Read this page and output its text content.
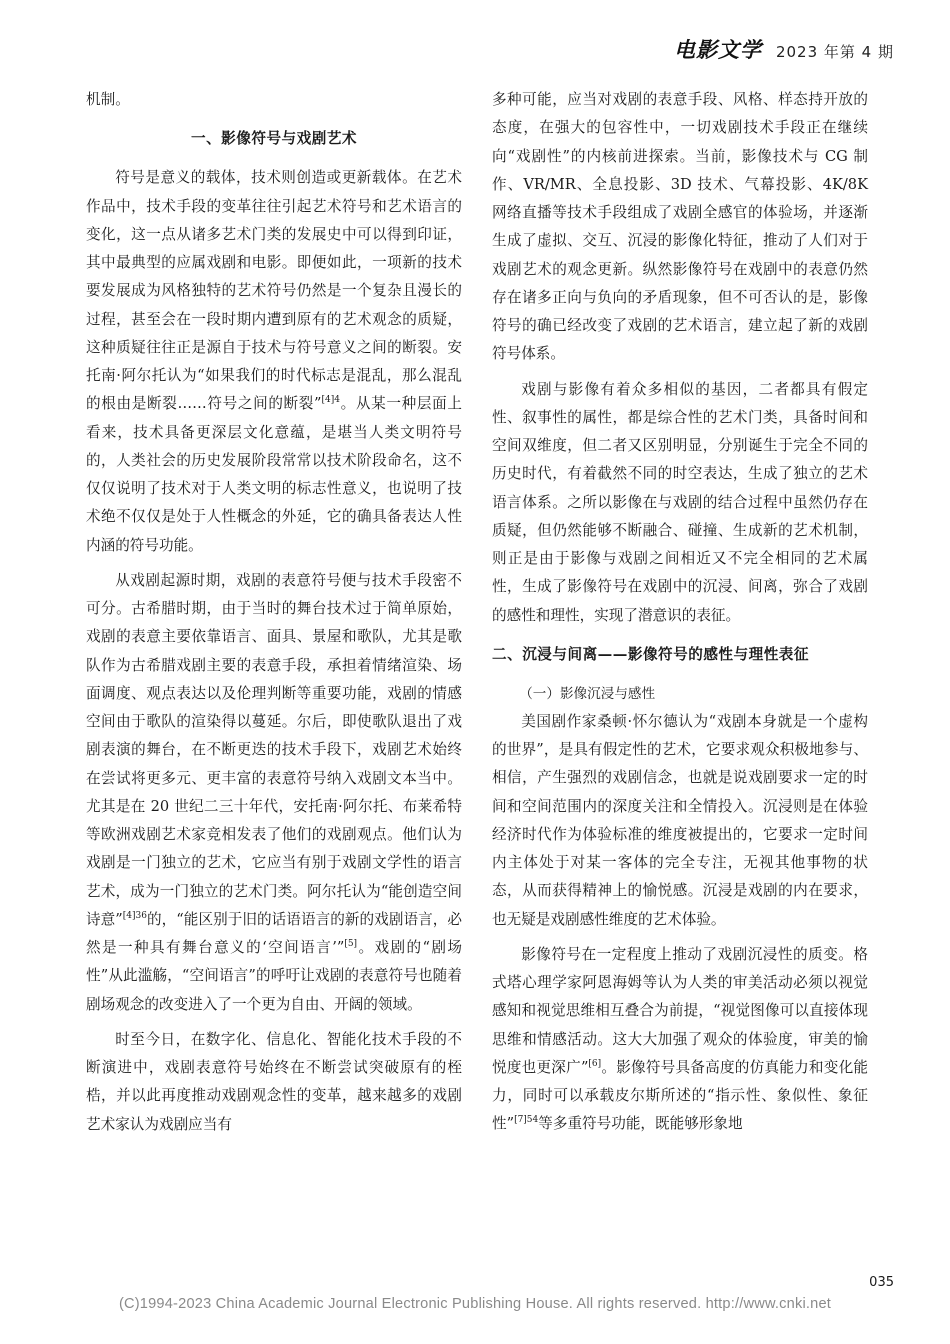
电影文学 2023 年第 4 期

机制。

一、影像符号与戏剧艺术

符号是意义的载体，技术则创造或更新载体。在艺术作品中，技术手段的变革往往引起艺术符号和艺术语言的变化，这一点从诸多艺术门类的发展史中可以得到印证，其中最典型的应属戏剧和电影。即便如此，一项新的技术要发展成为风格独特的艺术符号仍然是一个复杂且漫长的过程，甚至会在一段时期内遭到原有的艺术观念的质疑，这种质疑往往正是源自于技术与符号意义之间的断裂。安托南·阿尔托认为“如果我们的时代标志是混乱，那么混乱的根由是断裂……符号之间的断裂”$^{[4]4}$。从某一种层面上看来，技术具备更深层文化意蕴，是堪当人类文明符号的，人类社会的历史发展阶段常常以技术阶段命名，这不仅仅说明了技术对于人类文明的标志性意义，也说明了技术绝不仅仅是处于人性概念的外延，它的确具备表达人性内涵的符号功能。

从戏剧起源时期，戏剧的表意符号便与技术手段密不可分。古希腊时期，由于当时的舞台技术过于简单原始，戏剧的表意主要依靠语言、面具、景屋和歌队，尤其是歌队作为古希腊戏剧主要的表意手段，承担着情绪渲染、场面调度、观点表达以及伦理判断等重要功能，戏剧的情感空间由于歌队的渲染得以蔓延。尔后，即使歌队退出了戏剧表演的舞台，在不断更迭的技术手段下，戏剧艺术始终在尝试将更多元、更丰富的表意符号纳入戏剧文本当中。尤其是在 20 世纪二三十年代，安托南·阿尔托、布莱希特等欧洲戏剧艺术家竞相发表了他们的戏剧观点。他们认为戏剧是一门独立的艺术，它应当有别于戏剧文学性的语言艺术，成为一门独立的艺术门类。阿尔托认为“能创造空间诗意”$^{[4]36}$的，“能区别于旧的话语语言的新的戏剧语言，必然是一种具有舞台意义的‘空间语言’”[5]。戏剧的“剧场性”从此滥觞，“空间语言”的呼吁让戏剧的表意符号也随着剧场观念的改变进入了一个更为自由、开阔的领域。

时至今日，在数字化、信息化、智能化技术手段的不断演进中，戏剧表意符号始终在不断尝试突破原有的桎梏，并以此再度推动戏剧观念性的变革，越来越多的戏剧艺术家认为戏剧应当有

多种可能，应当对戏剧的表意手段、风格、样态持开放的态度，在强大的包容性中，一切戏剧技术手段正在继续向“戏剧性”的内核前进探索。当前，影像技术与 CG 制作、VR/MR、全息投影、3D 技术、气幕投影、4K/8K 网络直播等技术手段组成了戏剧全感官的体验场，并逐渐生成了虚拟、交互、沉浸的影像化特征，推动了人们对于戏剧艺术的观念更新。纵然影像符号在戏剧中的表意仍然存在诸多正向与负向的矛盾现象，但不可否认的是，影像符号的确已经改变了戏剧的艺术语言，建立起了新的戏剧符号体系。

戏剧与影像有着众多相似的基因，二者都具有假定性、叙事性的属性，都是综合性的艺术门类，具备时间和空间双维度，但二者又区别明显，分别诞生于完全不同的历史时代，有着截然不同的时空表达，生成了独立的艺术语言体系。之所以影像在与戏剧的结合过程中虽然仍存在质疑，但仍然能够不断融合、碰撞、生成新的艺术机制，则正是由于影像与戏剧之间相近又不完全相同的艺术属性，生成了影像符号在戏剧中的沉浸、间离，弥合了戏剧的感性和理性，实现了潜意识的表征。

二、沉浸与间离——影像符号的感性与理性表征
（一）影像沉浸与感性

美国剧作家桑顿·怀尔德认为“戏剧本身就是一个虚构的世界”，是具有假定性的艺术，它要求观众积极地参与、相信，产生强烈的戏剧信念，也就是说戏剧要求一定的时间和空间范围内的深度关注和全情投入。沉浸则是在体验经济时代作为体验标准的维度被提出的，它要求一定时间内主体处于对某一客体的完全专注，无视其他事物的状态，从而获得精神上的愉悦感。沉浸是戏剧的内在要求，也无疑是戏剧感性维度的艺术体验。

影像符号在一定程度上推动了戏剧沉浸性的质变。格式塔心理学家阿恩海姆等认为人类的审美活动必须以视觉感知和视觉思维相互叠合为前提，“视觉图像可以直接体现思维和情感活动。这大大加强了观众的体验度，审美的愉悦度也更深广”[6]。影像符号具备高度的仿真能力和变化能力，同时可以承载皮尔斯所述的“指示性、象似性、象征性”$^{[7]54}$等多重符号功能，既能够形象地

035
(C)1994-2023 China Academic Journal Electronic Publishing House. All rights reserved. http://www.cnki.net
